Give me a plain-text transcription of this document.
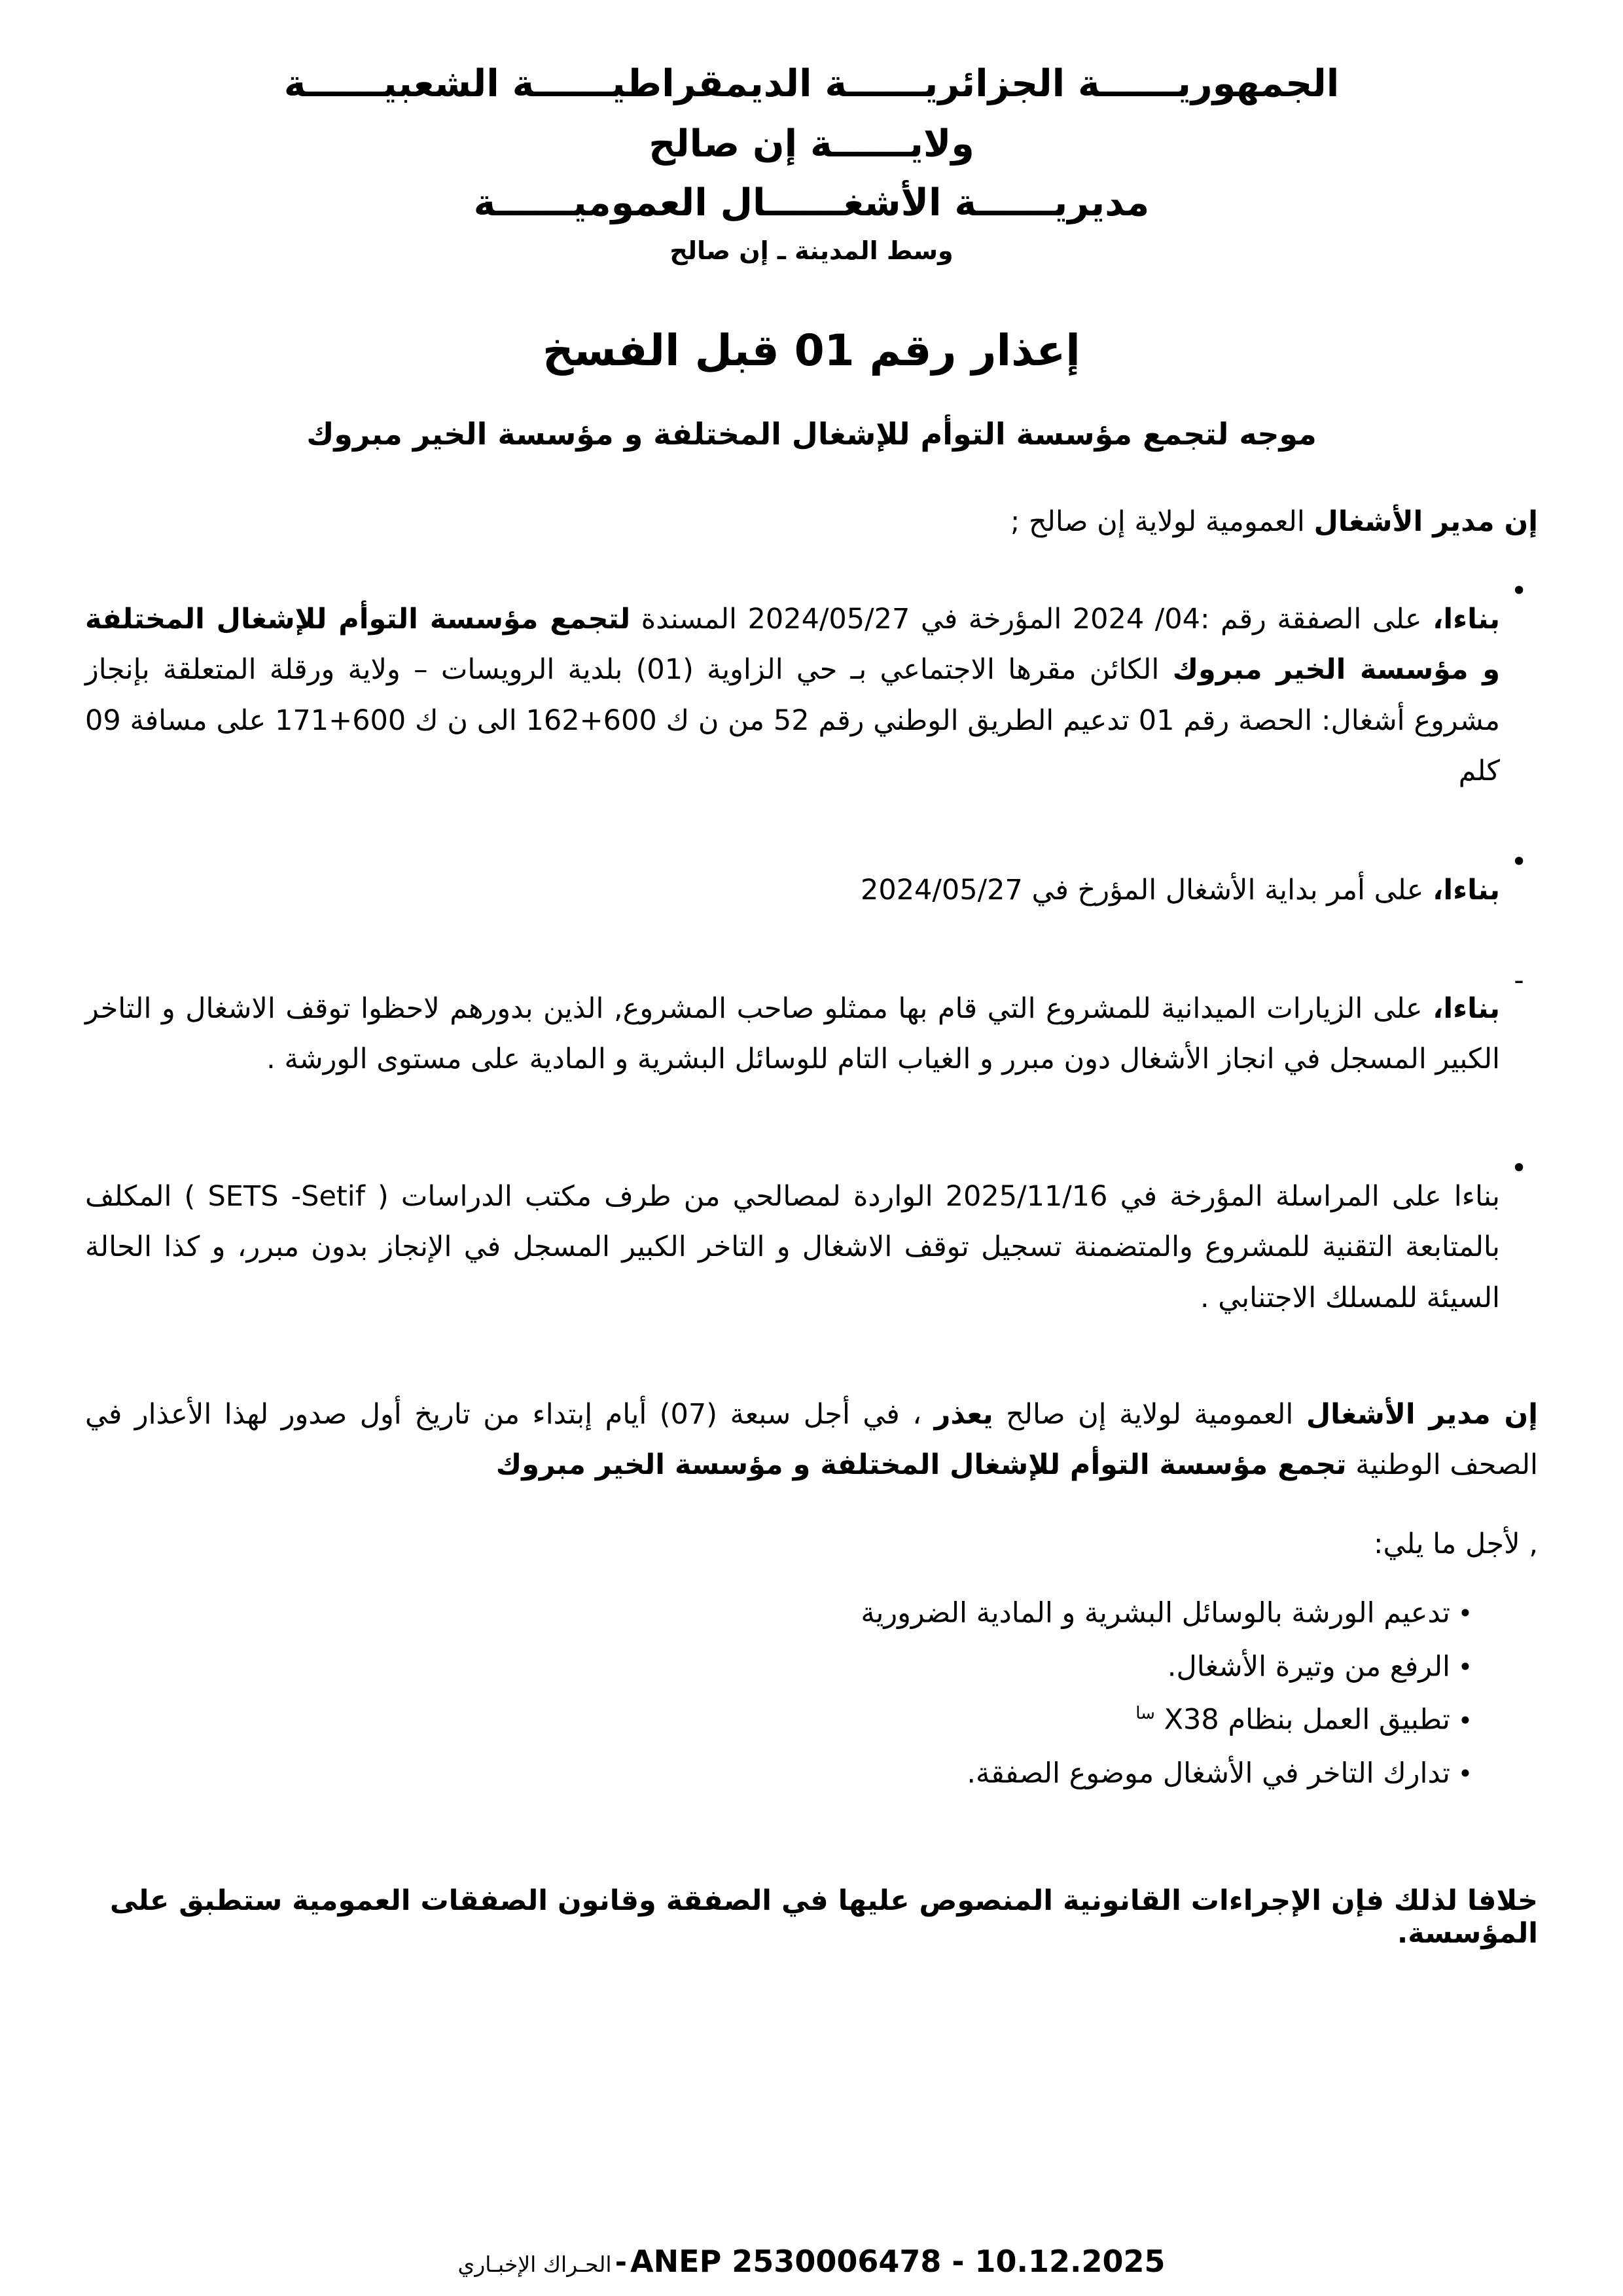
الجمهوريــــــة الجزائريــــــة الديمقراطيــــــة الشعبيــــــة
ولايــــــة إن صالح
مديريــــــة الأشغــــــال العموميــــــة
وسط المدينة ـ إن صالح
إعذار رقم 01 قبل الفسخ
موجه لتجمع مؤسسة التوأم للإشغال المختلفة و مؤسسة الخير مبروك

إن مدير الأشغال العمومية لولاية إن صالح ;

•

بناءا، على الصفقة رقم :04/ 2024 المؤرخة في 2024/05/27 المسندة لتجمع مؤسسة التوأم للإشغال المختلفة و مؤسسة الخير مبروك الكائن مقرها الاجتماعي بـ حي الزاوية (01) بلدية الرويسات – ولاية ورقلة المتعلقة بإنجاز مشروع أشغال: الحصة رقم 01 تدعيم الطريق الوطني رقم 52 من ن ك 600+162 الى ن ك 600+171 على مسافة 09 كلم

•

بناءا، على أمر بداية الأشغال المؤرخ في 2024/05/27

-

بناءا، على الزيارات الميدانية للمشروع التي قام بها ممثلو صاحب المشروع, الذين بدورهم لاحظوا توقف الاشغال و التاخر الكبير المسجل في انجاز الأشغال دون مبرر و الغياب التام للوسائل البشرية و المادية على مستوى الورشة .

•

بناءا على المراسلة المؤرخة في 2025/11/16 الواردة لمصالحي من طرف مكتب الدراسات ( SETS -Setif ) المكلف بالمتابعة التقنية للمشروع والمتضمنة تسجيل توقف الاشغال و التاخر الكبير المسجل في الإنجاز بدون مبرر، و كذا الحالة السيئة للمسلك الاجتنابي .

إن مدير الأشغال العمومية لولاية إن صالح يعذر ، في أجل سبعة (07) أيام إبتداء من تاريخ أول صدور لهذا الأعذار في الصحف الوطنية تجمع مؤسسة التوأم للإشغال المختلفة و مؤسسة الخير مبروك

, لأجل ما يلي:

•
تدعيم الورشة بالوسائل البشرية و المادية الضرورية
•
الرفع من وتيرة الأشغال.
•
تطبيق العمل بنظام X38 $^{سا}$
•
تدارك التاخر في الأشغال موضوع الصفقة.

خلافا لذلك فإن الإجراءات القانونية المنصوص عليها في الصفقة وقانون الصفقات العمومية ستطبق على المؤسسة.

الحـراك الإخبـاري - ANEP 2530006478 - 10.12.2025
